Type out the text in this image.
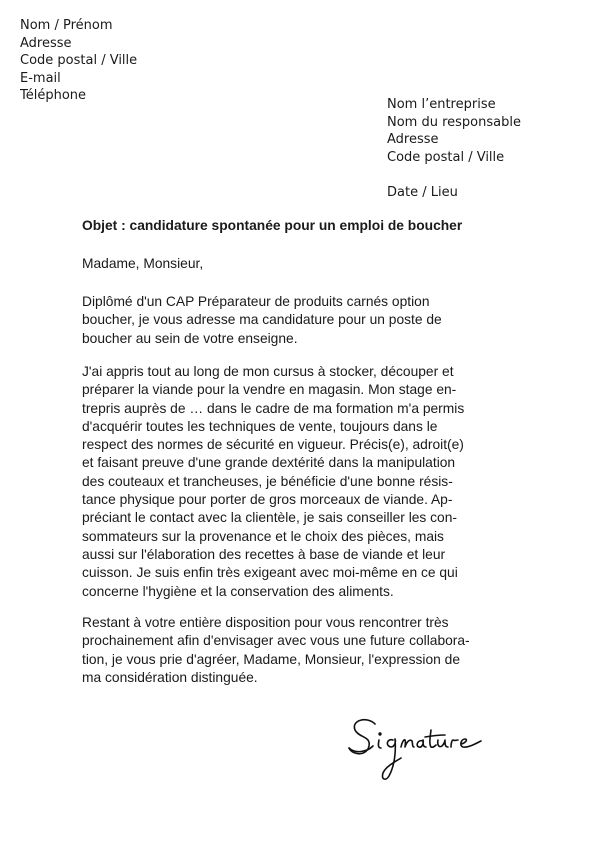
Nom / Prénom
Adresse
Code postal / Ville
E-mail
Téléphone
Nom l’entreprise
Nom du responsable
Adresse
Code postal / Ville
Date / Lieu
Objet : candidature spontanée pour un emploi de boucher
Madame, Monsieur,
Diplômé d'un CAP Préparateur de produits carnés option
boucher, je vous adresse ma candidature pour un poste de
boucher au sein de votre enseigne.
J'ai appris tout au long de mon cursus à stocker, découper et
préparer la viande pour la vendre en magasin. Mon stage en-
trepris auprès de … dans le cadre de ma formation m'a permis
d'acquérir toutes les techniques de vente, toujours dans le
respect des normes de sécurité en vigueur. Précis(e), adroit(e)
et faisant preuve d'une grande dextérité dans la manipulation
des couteaux et trancheuses, je bénéficie d'une bonne résis-
tance physique pour porter de gros morceaux de viande. Ap-
préciant le contact avec la clientèle, je sais conseiller les con-
sommateurs sur la provenance et le choix des pièces, mais
aussi sur l'élaboration des recettes à base de viande et leur
cuisson. Je suis enfin très exigeant avec moi-même en ce qui
concerne l'hygiène et la conservation des aliments.
Restant à votre entière disposition pour vous rencontrer très
prochainement afin d'envisager avec vous une future collabora-
tion, je vous prie d'agréer, Madame, Monsieur, l'expression de
ma considération distinguée.
